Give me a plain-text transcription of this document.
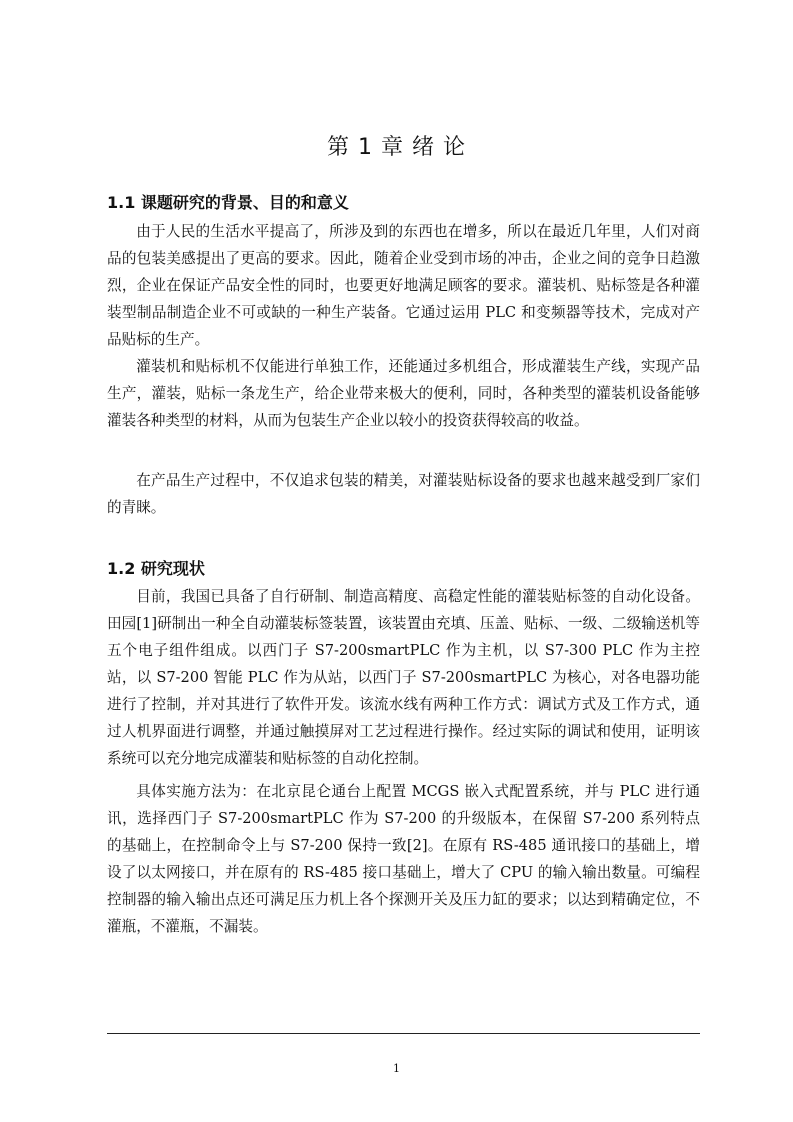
第 1 章 绪 论
1.1 课题研究的背景、目的和意义

由于人民的生活水平提高了，所涉及到的东西也在增多，所以在最近几年里，人们对商品的包装美感提出了更高的要求。因此，随着企业受到市场的冲击，企业之间的竞争日趋激烈，企业在保证产品安全性的同时，也要更好地满足顾客的要求。灌装机、贴标签是各种灌装型制品制造企业不可或缺的一种生产装备。它通过运用 PLC 和变频器等技术，完成对产品贴标的生产。

灌装机和贴标机不仅能进行单独工作，还能通过多机组合，形成灌装生产线，实现产品生产，灌装，贴标一条龙生产，给企业带来极大的便利，同时，各种类型的灌装机设备能够灌装各种类型的材料，从而为包装生产企业以较小的投资获得较高的收益。

在产品生产过程中，不仅追求包装的精美，对灌装贴标设备的要求也越来越受到厂家们的青睐。

1.2 研究现状

目前，我国已具备了自行研制、制造高精度、高稳定性能的灌装贴标签的自动化设备。田园[1]研制出一种全自动灌装标签装置，该装置由充填、压盖、贴标、一级、二级输送机等五个电子组件组成。以西门子 S7-200smartPLC 作为主机，以 S7-300 PLC 作为主控站，以 S7-200 智能 PLC 作为从站，以西门子 S7-200smartPLC 为核心，对各电器功能进行了控制，并对其进行了软件开发。该流水线有两种工作方式：调试方式及工作方式，通过人机界面进行调整，并通过触摸屏对工艺过程进行操作。经过实际的调试和使用，证明该系统可以充分地完成灌装和贴标签的自动化控制。

具体实施方法为：在北京昆仑通台上配置 MCGS 嵌入式配置系统，并与 PLC 进行通讯，选择西门子 S7-200smartPLC 作为 S7-200 的升级版本，在保留 S7-200 系列特点的基础上，在控制命令上与 S7-200 保持一致[2]。在原有 RS-485 通讯接口的基础上，增设了以太网接口，并在原有的 RS-485 接口基础上，增大了 CPU 的输入输出数量。可编程控制器的输入输出点还可满足压力机上各个探测开关及压力缸的要求；以达到精确定位，不灌瓶，不灌瓶，不漏装。

1
